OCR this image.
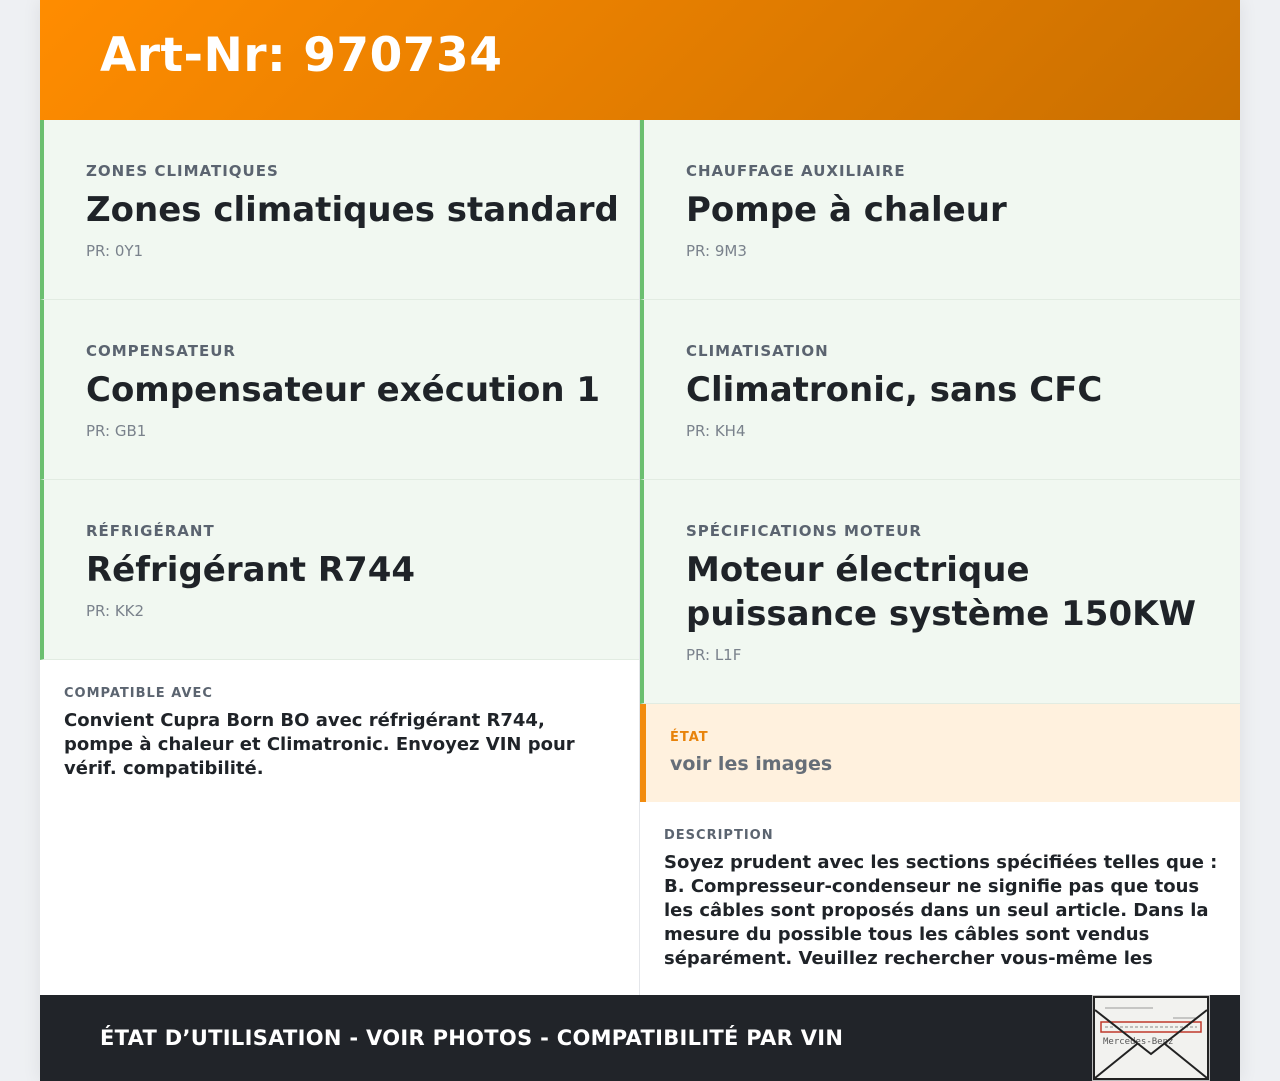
Art-Nr: 970734
ZONES CLIMATIQUES
Zones climatiques standard
PR: 0Y1
COMPENSATEUR
Compensateur exécution 1
PR: GB1
RÉFRIGÉRANT
Réfrigérant R744
PR: KK2
COMPATIBLE AVEC
Convient Cupra Born BO avec réfrigérant R744, pompe à chaleur et Climatronic. Envoyez VIN pour vérif. compatibilité.
CHAUFFAGE AUXILIAIRE
Pompe à chaleur
PR: 9M3
CLIMATISATION
Climatronic, sans CFC
PR: KH4
SPÉCIFICATIONS MOTEUR
Moteur électrique puissance système 150KW
PR: L1F
ÉTAT
voir les images
DESCRIPTION
Soyez prudent avec les sections spécifiées telles que : B. Compresseur-condenseur ne signifie pas que tous les câbles sont proposés dans un seul article. Dans la mesure du possible tous les câbles sont vendus séparément. Veuillez rechercher vous-même les
ÉTAT D’UTILISATION - VOIR PHOTOS - COMPATIBILITÉ PAR VIN	Mercedes-Benz
